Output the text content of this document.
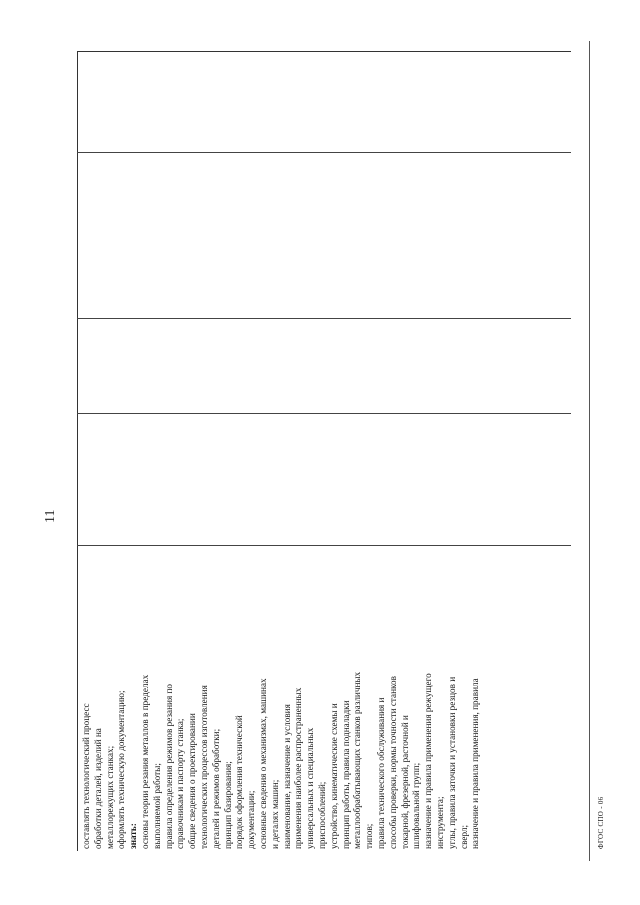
11
составлять технологический процесс обработки деталей, изделий на металлорежущих станках; оформлять техническую документацию; знать: основы теории резания металлов в пределах выполняемой работы; правила определения режимов резания по справочникам и паспорту станка; общие сведения о проектировании технологических процессов изготовления деталей и режимов обработки; принцип базирования; порядок оформления технической документации; основные сведения о механизмах, машинах и деталях машин; наименование, назначение и условия применения наиболее распространенных универсальных и специальных приспособлений; устройство, кинематические схемы и принцип работы, правила подналадки металлообрабатывающих станков различных типов; правила технического обслуживания и способы проверки, нормы точности станков токарной, фрезерной, расточной и шлифовальной групп; назначение и правила применения режущего инструмента; углы, правила заточки и установки резцов и сверл; назначение и правила применения, правила	ФГОС СПО - 06
